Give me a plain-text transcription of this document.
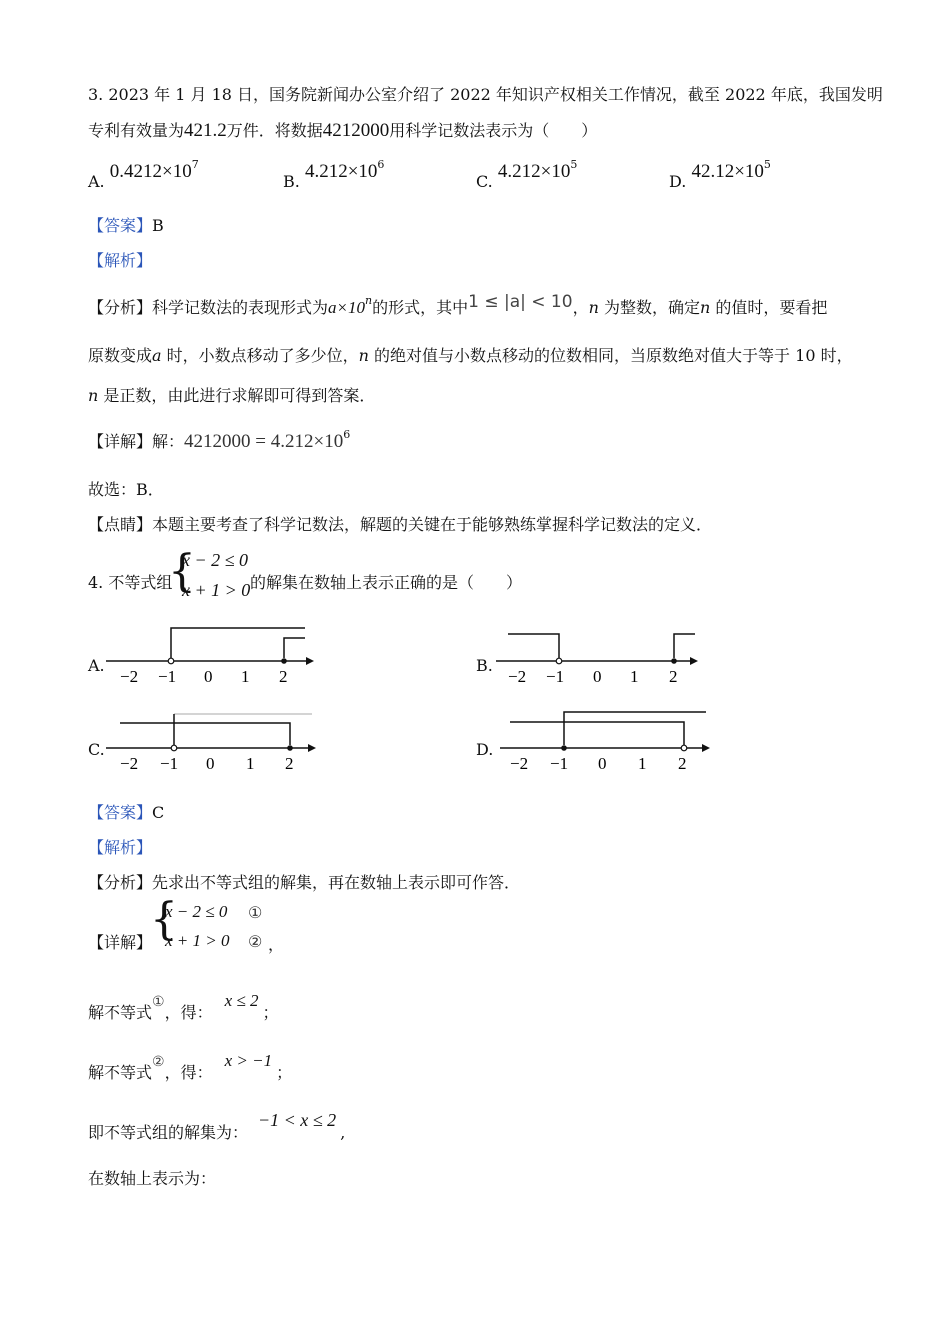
3. 2023 年 1 月 18 日，国务院新闻办公室介绍了 2022 年知识产权相关工作情况，截至 2022 年底，我国发明
专利有效量为421.2万件．将数据4212000用科学记数法表示为（　　）
A. $0.4212\times 10^7$
B. $4.212\times 10^6$
C. $4.212\times 10^5$
D. $42.12\times 10^5$
【答案】B
【解析】
【分析】科学记数法的表现形式为$a\times 10^n$的形式，其中1 ≤ |a| < 10，n 为整数，确定n 的值时，要看把
原数变成a 时，小数点移动了多少位，n 的绝对值与小数点移动的位数相同，当原数绝对值大于等于 10 时，
n 是正数，由此进行求解即可得到答案．
【详解】解：$4212000 = 4.212\times 10^6$
故选：B．
【点睛】本题主要考查了科学记数法，解题的关键在于能够熟练掌握科学记数法的定义．
4. 不等式组
{
x − 2 ≤ 0
x + 1 > 0 的解集在数轴上表示正确的是（　　）
A.
−2 −1 0 1 2
B.
−2 −1 0 1 2
C.
−2 −1 0 1 2
D.
−2 −1 0 1 2
【答案】C
【解析】
【分析】先求出不等式组的解集，再在数轴上表示即可作答．
【详解】
{
x − 2 ≤ 0 ①
x + 1 > 0 ② ，
解不等式①，得：x ≤ 2；
解不等式②，得：x > −1；
即不等式组的解集为：−1 < x ≤ 2,
在数轴上表示为：
